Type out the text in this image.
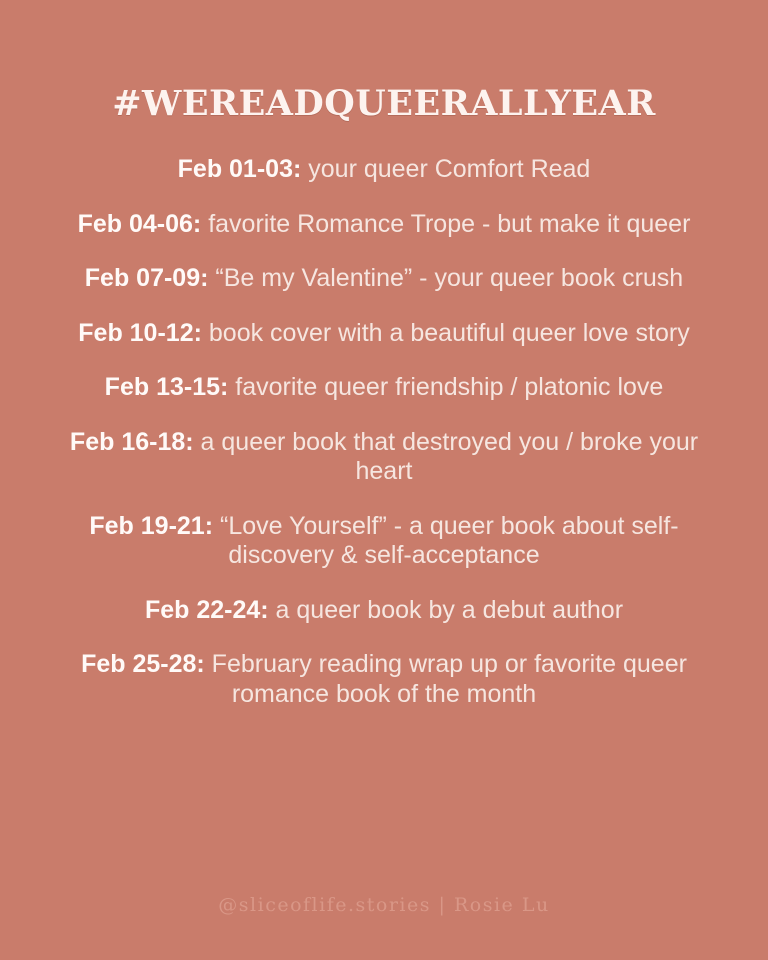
#WEREADQUEERALLYEAR
Feb 01-03: your queer Comfort Read
Feb 04-06: favorite Romance Trope - but make it queer
Feb 07-09: “Be my Valentine” - your queer book crush
Feb 10-12: book cover with a beautiful queer love story
Feb 13-15: favorite queer friendship / platonic love
Feb 16-18: a queer book that destroyed you / broke your heart
Feb 19-21: “Love Yourself” - a queer book about self-discovery & self-acceptance
Feb 22-24: a queer book by a debut author
Feb 25-28: February reading wrap up or favorite queer romance book of the month
@sliceoflife.stories | Rosie Lu
